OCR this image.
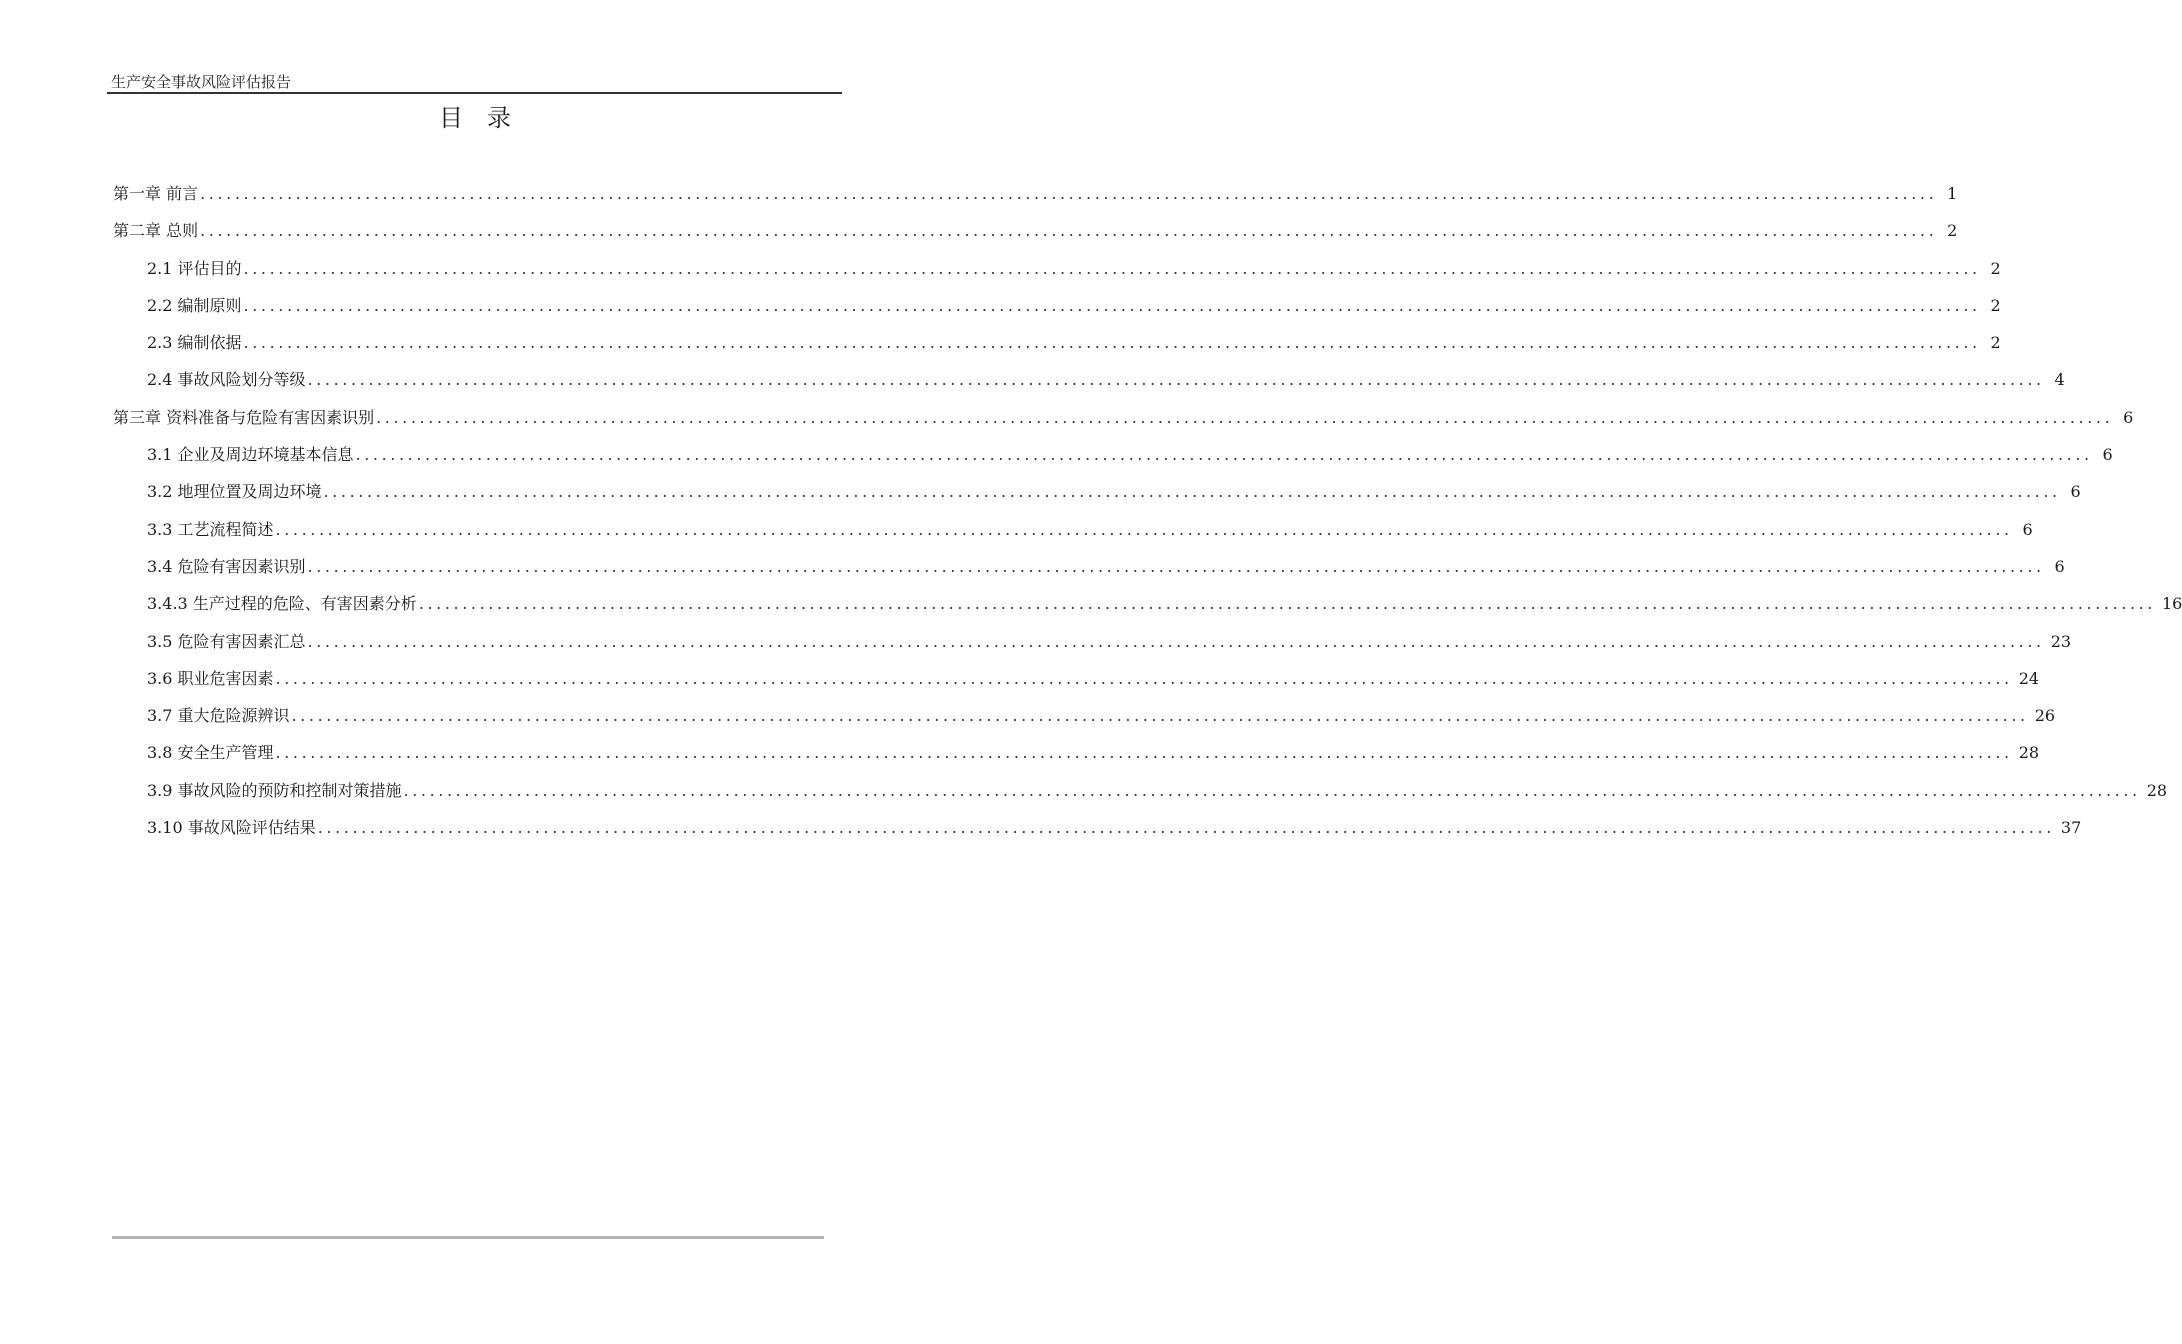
生产安全事故风险评估报告
目录
第一章 前言 ........................................................................................................................................................................................................ 1
第二章 总则 ........................................................................................................................................................................................................ 2
2.1 评估目的 ........................................................................................................................................................................................................ 2
2.2 编制原则 ........................................................................................................................................................................................................ 2
2.3 编制依据 ........................................................................................................................................................................................................ 2
2.4 事故风险划分等级 ........................................................................................................................................................................................................ 4
第三章 资料准备与危险有害因素识别 ........................................................................................................................................................................................................ 6
3.1 企业及周边环境基本信息 ........................................................................................................................................................................................................ 6
3.2 地理位置及周边环境 ........................................................................................................................................................................................................ 6
3.3 工艺流程简述 ........................................................................................................................................................................................................ 6
3.4 危险有害因素识别 ........................................................................................................................................................................................................ 6
3.4.3 生产过程的危险、有害因素分析 ........................................................................................................................................................................................................ 16
3.5 危险有害因素汇总 ........................................................................................................................................................................................................ 23
3.6 职业危害因素 ........................................................................................................................................................................................................ 24
3.7 重大危险源辨识 ........................................................................................................................................................................................................ 26
3.8 安全生产管理 ........................................................................................................................................................................................................ 28
3.9 事故风险的预防和控制对策措施 ........................................................................................................................................................................................................ 28
3.10 事故风险评估结果 ........................................................................................................................................................................................................ 37
